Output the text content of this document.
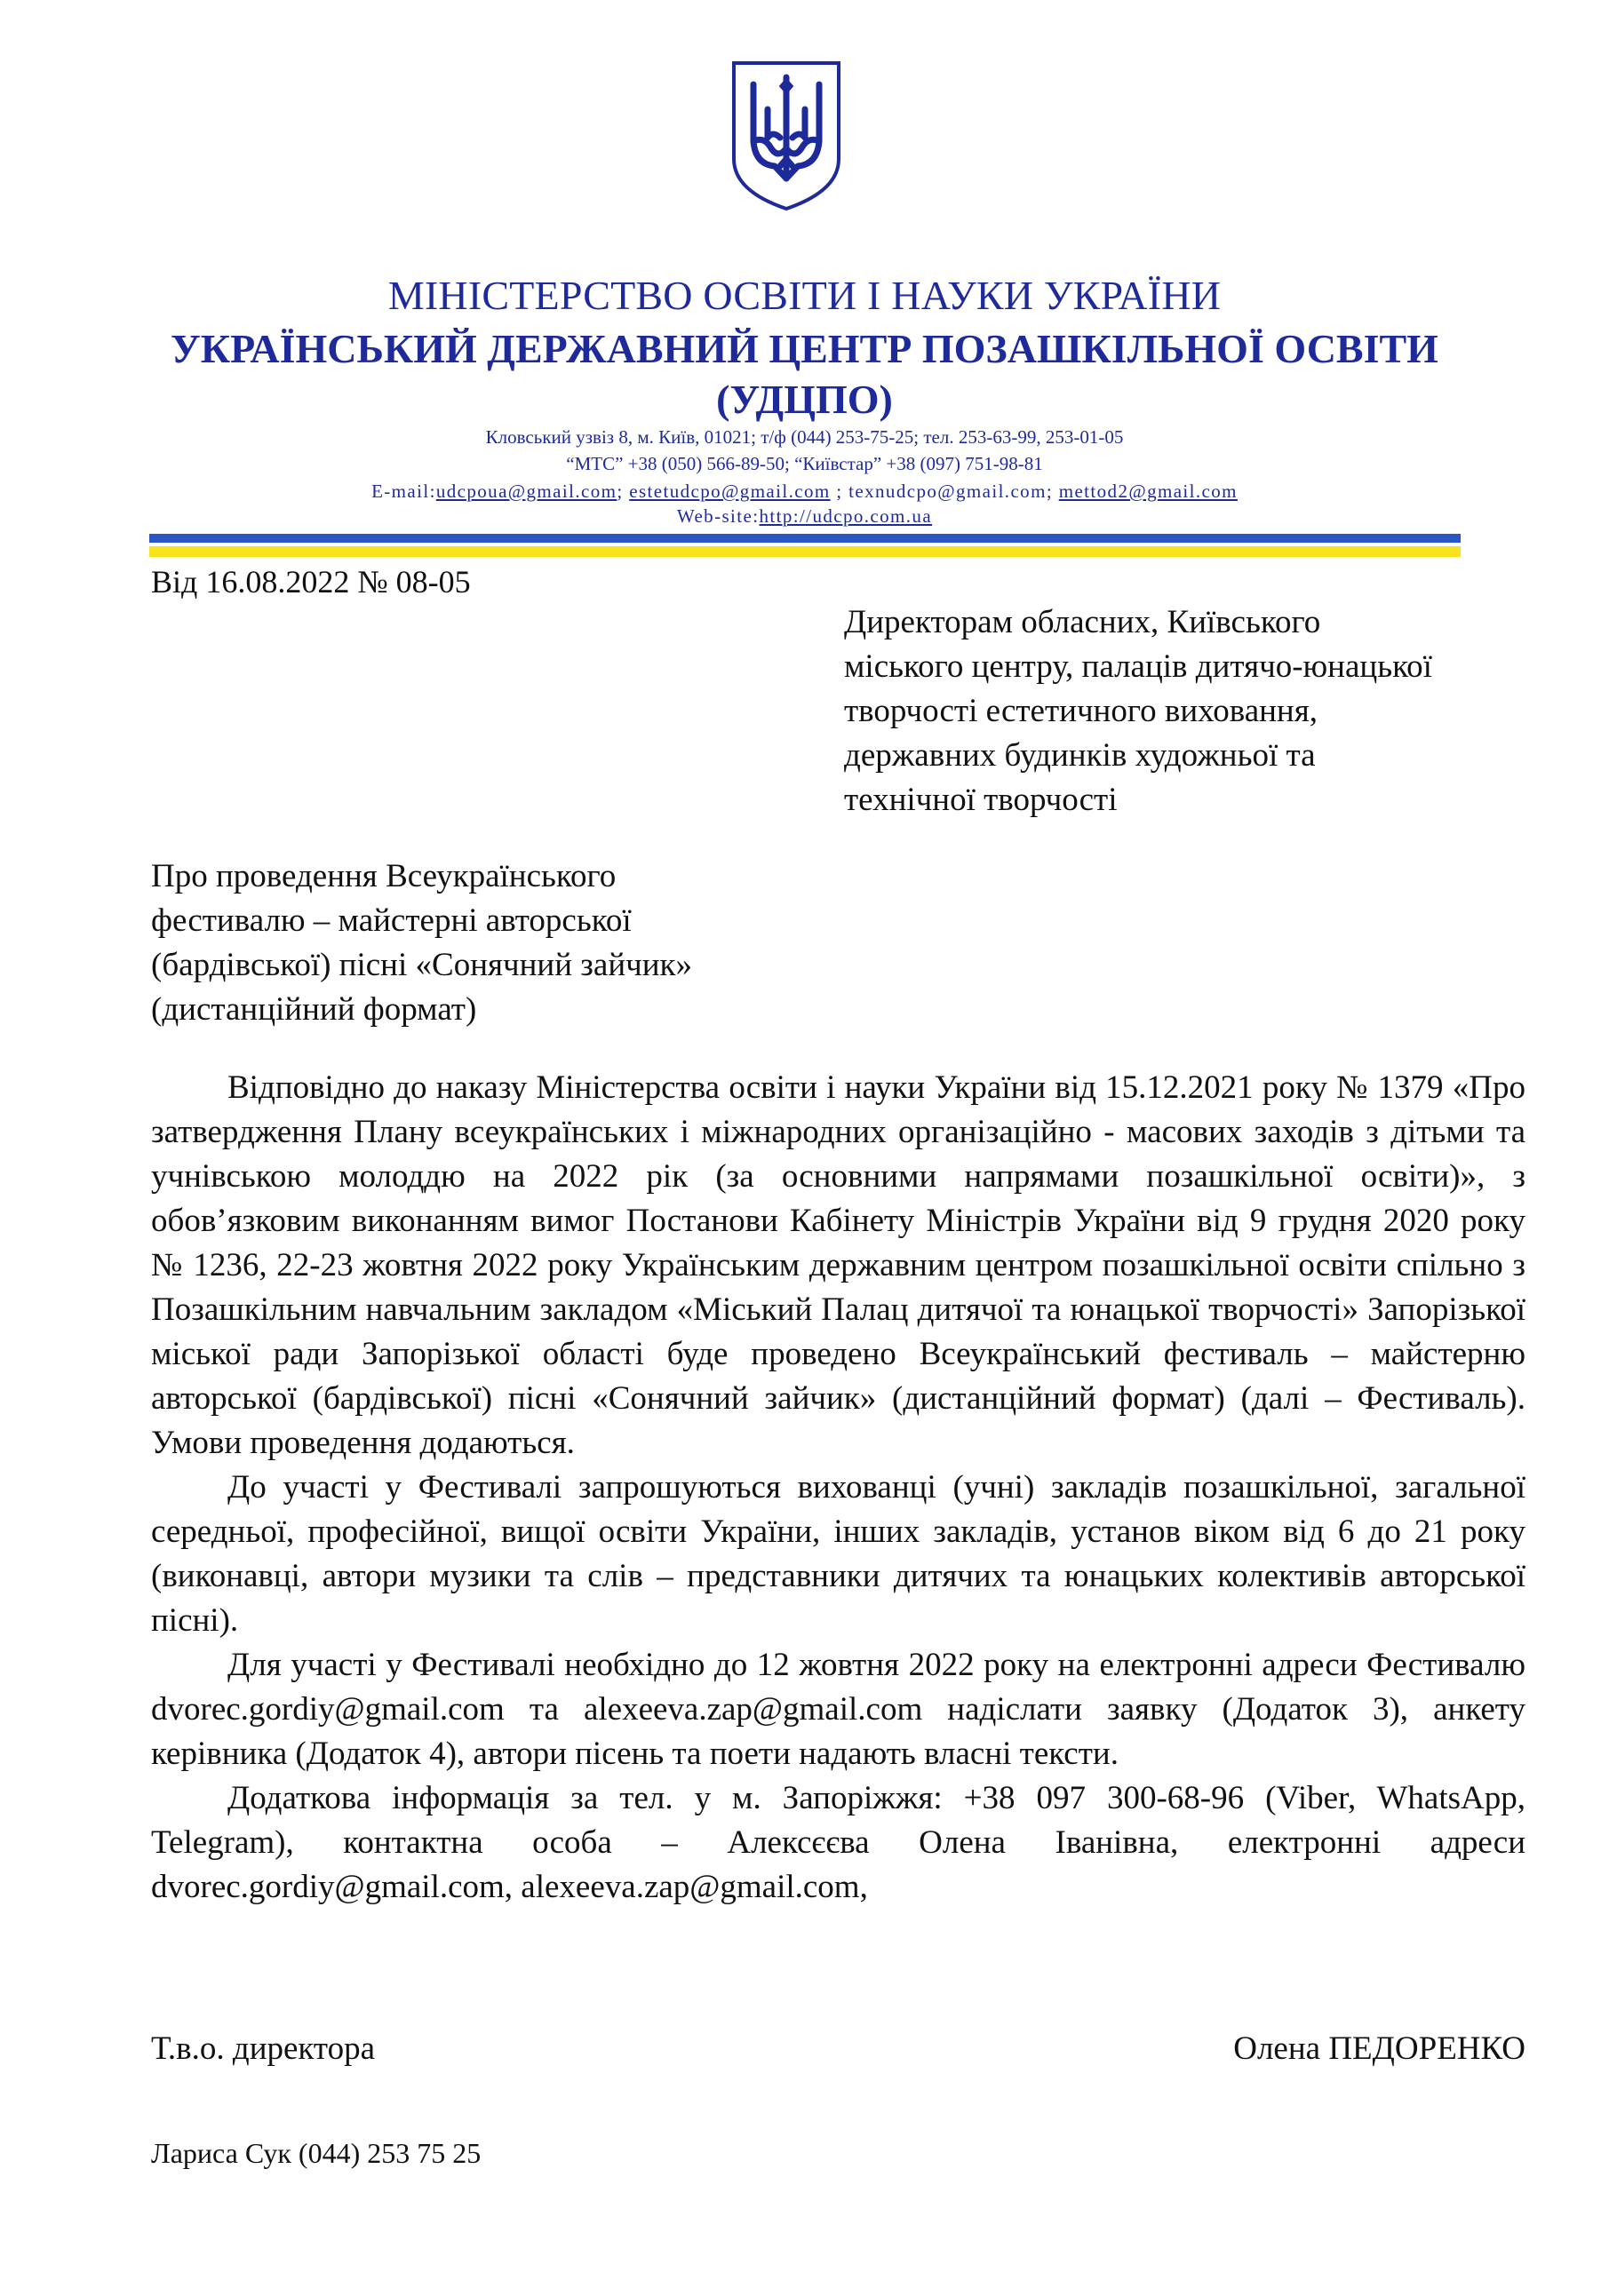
МІНІСТЕРСТВО ОСВІТИ І НАУКИ УКРАЇНИ
УКРАЇНСЬКИЙ ДЕРЖАВНИЙ ЦЕНТР ПОЗАШКІЛЬНОЇ ОСВІТИ
(УДЦПО)
Кловський узвіз 8, м. Київ, 01021; т/ф (044) 253-75-25; тел. 253-63-99, 253-01-05
“МТС” +38 (050) 566-89-50; “Київстар” +38 (097) 751-98-81
E-mail:udcpoua@gmail.com; estetudcpo@gmail.com ; texnudcpo@gmail.com; mettod2@gmail.com
Web-site:http://udcpo.com.ua
Від 16.08.2022 № 08-05
Директорам обласних, Київського
міського центру, палаців дитячо-юнацької
творчості естетичного виховання,
державних будинків художньої та
технічної творчості
Про проведення Всеукраїнського
фестивалю – майстерні авторської
(бардівської) пісні «Сонячний зайчик»
(дистанційний формат)

Відповідно до наказу Міністерства освіти і науки України від 15.12.2021 року № 1379 «Про затвердження Плану всеукраїнських і міжнародних організаційно - масових заходів з дітьми та учнівською молоддю на 2022 рік (за основними напрямами позашкільної освіти)», з обов’язковим виконанням вимог Постанови Кабінету Міністрів України від 9 грудня 2020 року № 1236, 22-23 жовтня 2022 року Українським державним центром позашкільної освіти спільно з Позашкільним навчальним закладом «Міський Палац дитячої та юнацької творчості» Запорізької міської ради Запорізької області буде проведено Всеукраїнський фестиваль – майстерню авторської (бардівської) пісні «Сонячний зайчик» (дистанційний формат) (далі – Фестиваль). Умови проведення додаються.

До участі у Фестивалі запрошуються вихованці (учні) закладів позашкільної, загальної середньої, професійної, вищої освіти України, інших закладів, установ віком від 6 до 21 року (виконавці, автори музики та слів – представники дитячих та юнацьких колективів авторської пісні).

Для участі у Фестивалі необхідно до 12 жовтня 2022 року на електронні адреси Фестивалю dvorec.gordiy@gmail.com та alexeeva.zap@gmail.com надіслати заявку (Додаток 3), анкету керівника (Додаток 4), автори пісень та поети надають власні тексти.

Додаткова інформація за тел. у м. Запоріжжя: +38 097 300-68-96 (Viber, WhatsApp, Telegram), контактна особа – Алексєєва Олена Іванівна, електронні адреси dvorec.gordiy@gmail.com, alexeeva.zap@gmail.com,

Т.в.о. директора	Олена ПЕДОРЕНКО
Лариса Сук (044) 253 75 25
